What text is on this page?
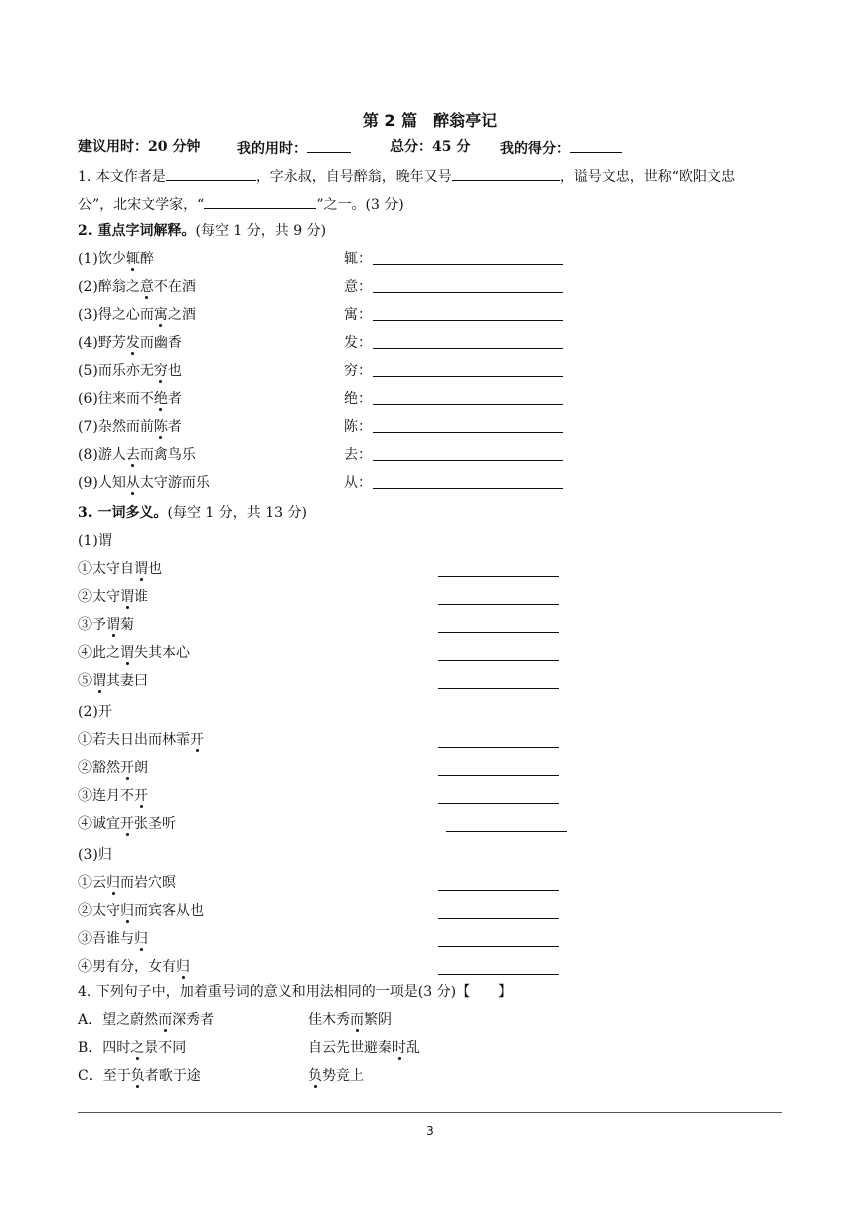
第 2 篇　醉翁亭记
建议用时：20 分钟	我的用时：	总分：45 分 我的得分：
1. 本文作者是	，字永叔，自号醉翁，晚年又号	，谥号文忠，世称“欧阳文忠
公”，北宋文学家，“	”之一。(3 分)
2. 重点字词解释。(每空 1 分，共 9 分)
(1)饮少辄醉	辄：
(2)醉翁之意不在酒	意：
(3)得之心而寓之酒	寓：
(4)野芳发而幽香	发：
(5)而乐亦无穷也	穷：
(6)往来而不绝者	绝：
(7)杂然而前陈者	陈：
(8)游人去而禽鸟乐	去：
(9)人知从太守游而乐	从：
3. 一词多义。(每空 1 分，共 13 分)
(1)谓
①太守自谓也
②太守谓谁
③予谓菊
④此之谓失其本心
⑤谓其妻曰
(2)开
①若夫日出而林霏开
②豁然开朗
③连月不开
④诚宜开张圣听
(3)归
①云归而岩穴暝
②太守归而宾客从也
③吾谁与归
④男有分，女有归
4. 下列句子中，加着重号词的意义和用法相同的一项是(3 分)【　　】
A．望之蔚然而深秀者	佳木秀而繁阴
B．四时之景不同	自云先世避秦时乱
C．至于负者歌于途	负势竞上
3
